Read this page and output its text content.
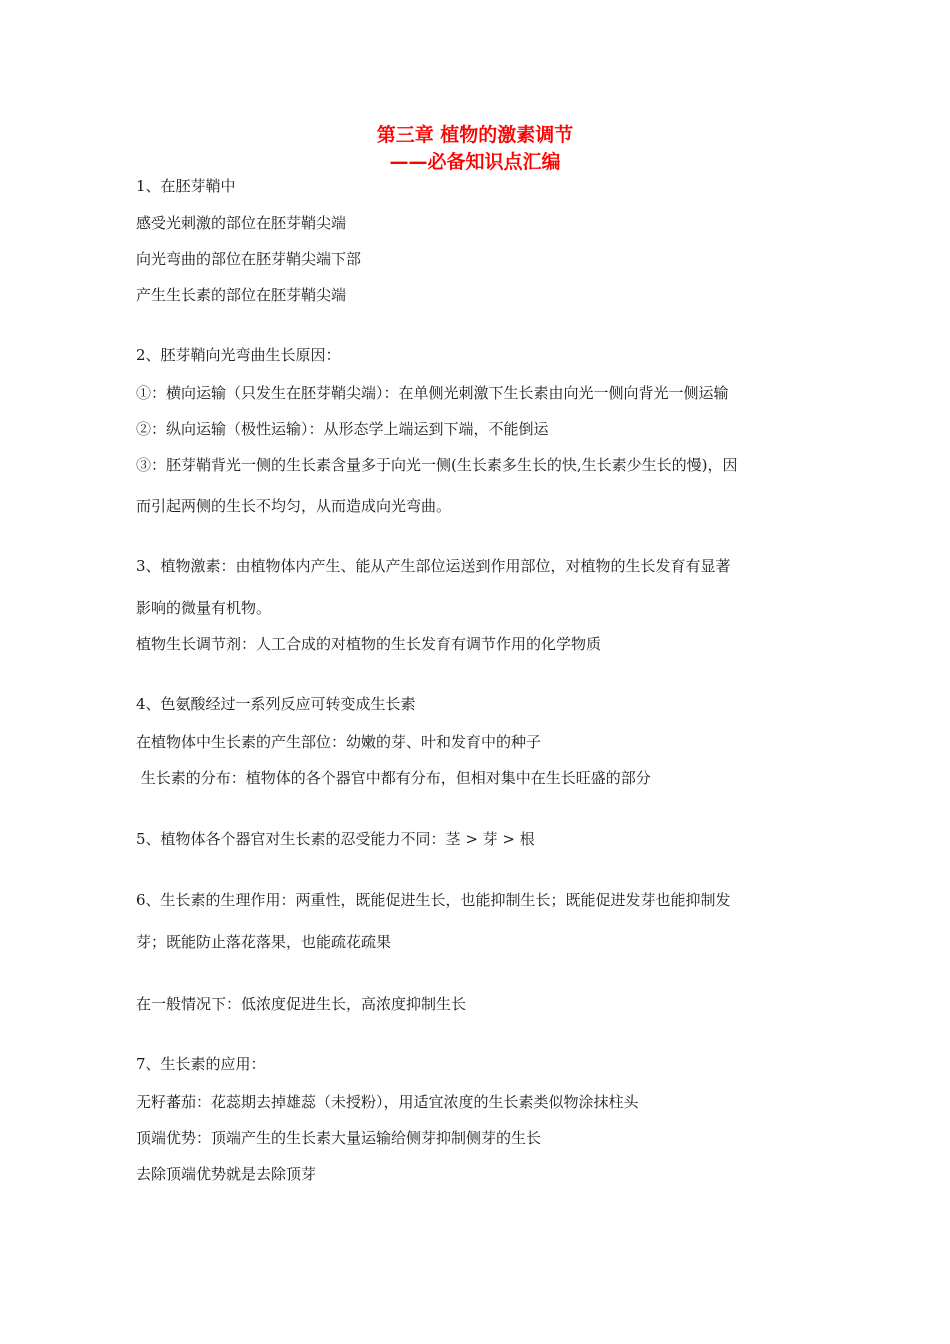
第三章 植物的激素调节
——必备知识点汇编
1、在胚芽鞘中
感受光刺激的部位在胚芽鞘尖端
向光弯曲的部位在胚芽鞘尖端下部
产生生长素的部位在胚芽鞘尖端
2、胚芽鞘向光弯曲生长原因：
①：横向运输（只发生在胚芽鞘尖端）：在单侧光刺激下生长素由向光一侧向背光一侧运输
②：纵向运输（极性运输）：从形态学上端运到下端，不能倒运
③：胚芽鞘背光一侧的生长素含量多于向光一侧(生长素多生长的快,生长素少生长的慢)，因
而引起两侧的生长不均匀，从而造成向光弯曲。
3、植物激素：由植物体内产生、能从产生部位运送到作用部位，对植物的生长发育有显著
影响的微量有机物。
植物生长调节剂：人工合成的对植物的生长发育有调节作用的化学物质
4、色氨酸经过一系列反应可转变成生长素
在植物体中生长素的产生部位：幼嫩的芽、叶和发育中的种子
生长素的分布：植物体的各个器官中都有分布，但相对集中在生长旺盛的部分
5、植物体各个器官对生长素的忍受能力不同：茎 > 芽 > 根
6、生长素的生理作用：两重性，既能促进生长，也能抑制生长；既能促进发芽也能抑制发
芽；既能防止落花落果，也能疏花疏果
在一般情况下：低浓度促进生长，高浓度抑制生长
7、生长素的应用：
无籽蕃茄：花蕊期去掉雄蕊（未授粉），用适宜浓度的生长素类似物涂抹柱头
顶端优势：顶端产生的生长素大量运输给侧芽抑制侧芽的生长
去除顶端优势就是去除顶芽
